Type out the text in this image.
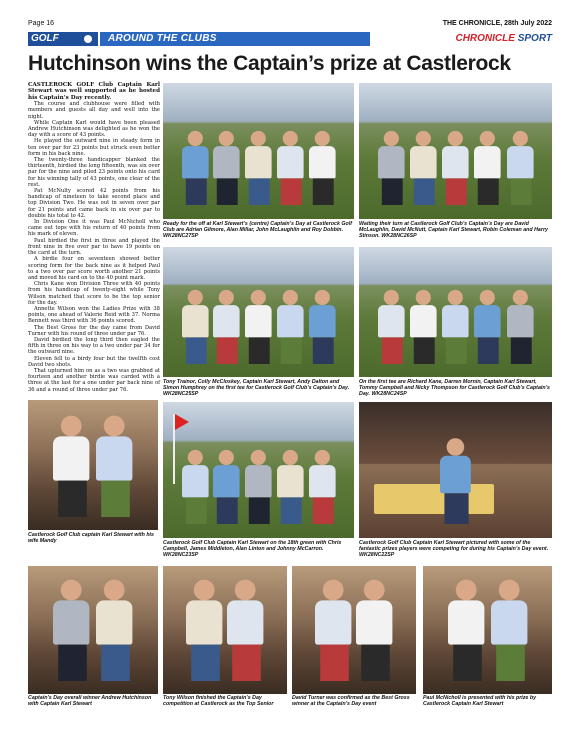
Page 16	THE CHRONICLE, 28th July 2022
GOLF	AROUND THE CLUBS	CHRONICLE SPORT
Hutchinson wins the Captain’s prize at Castlerock
CASTLEROCK GOLF Club Captain Karl Stewart was well supported as he hosted his Captain’s Day recently.

The course and clubhouse were filled with members and guests all day and well into the night.

While Captain Karl would have been pleased Andrew Hutchinson was delighted as he won the day with a score of 43 points.

He played the outward nine in steady form in ten over par for 23 points but struck even better form in his back nine.

The twenty-three handicapper blanked the thirteenth, birdied the long fifteenth, was six over par for the nine and piled 23 points onto his card for his winning tally of 43 points, one clear of the rest.

Pat McNulty scored 42 points from his handicap of nineteen to take second place and top Division Two. He was out in seven over par for 21 points and came back in six over par to double his total to 42.

In Division One it was Paul McNicholl who came out tops with his return of 40 points from his mark of eleven.

Paul birdied the first in three and played the front nine in five over par to have 19 points on the card at the turn.

A birdie four on seventeen showed better scoring form for the back nine as it helped Paul to a two over par score worth another 21 points and moved his card on to the 40 point mark.

Chris Kane won Division Three with 40 points from his handicap of twenty-eight while Tony Wilson matched that score to be the top senior for the day.

Annette Wilson won the Ladies Prize with 38 points, one ahead of Valerie Reid with 37. Norma Bennett was third with 36 points scored.

The Best Gross for the day came from David Turner with his round of three under par 76.

David birdied the long third then eagled the fifth in three on his way to a two under par 34 for the outward nine.

Eleven fell to a birdy four but the twelfth cost David two shots.

That upturned him on as a two was grabbed at fourteen and another birdie was carded with a three at the last for a one under par back nine of 36 and a round of three under par 76.

Ready for the off at Karl Stewart’s (centre) Captain’s Day at Castlerock Golf Club are Adrian Gilmore, Alan Millar, John McLaughlin and Roy Dobbin. WK28NC27SP
Waiting their turn at Castlerock Golf Club’s Captain’s Day are David McLaughlin, David McNutt, Captain Karl Stewart, Robin Coleman and Harry Stinson. WK28NC26SP
Tony Trainor, Colly McCloskey, Captain Karl Stewart, Andy Dalton and Simon Humphrey on the first tee for Castlerock Golf Club’s Captain’s Day. WK28NC25SP
On the first tee are Richard Kane, Darren Mornin, Captain Karl Stewart, Tommy Campbell and Nicky Thompson for Castlerock Golf Club’s Captain’s Day. WK28NC24SP
Castlerock Golf Club captain Karl Stewart with his wife Mandy	Castlerock Golf Club Captain Karl Stewart on the 18th green with Chris Campbell, James Middleton, Alan Linton and Johnny McCarron. WK28NC23SP
Castlerock Golf Club Captain Karl Stewart pictured with some of the fantastic prizes players were competing for during his Captain’s Day event. WK28NC22SP
Captain’s Day overall winner Andrew Hutchinson with Captain Karl Stewart
Tony Wilson finished the Captain’s Day competition at Castlerock as the Top Senior
David Turner was confirmed as the Best Gross winner at the Captain’s Day event
Paul McNicholl is presented with his prize by Castlerock Captain Karl Stewart
